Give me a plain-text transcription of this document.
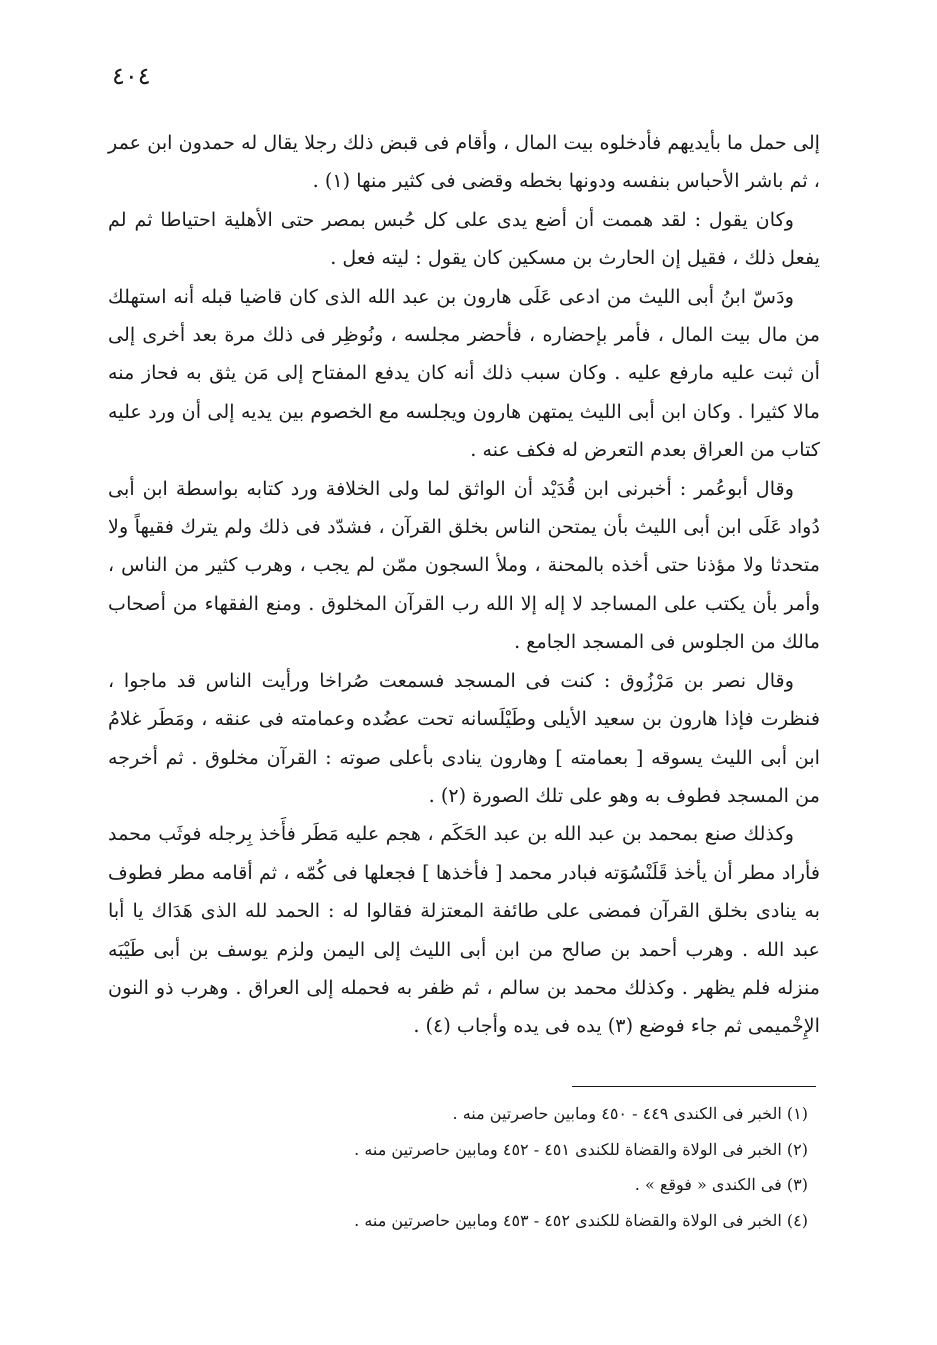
٤٠٤

إلى حمل ما بأيديهم فأدخلوه بيت المال ، وأقام فى قبض ذلك رجلا يقال له حمدون ابن عمر ، ثم باشر الأحباس بنفسه ودونها بخطه وقضى فى كثير منها (١) .

وكان يقول : لقد هممت أن أضع يدى على كل حُبس بمصر حتى الأهلية احتياطا ثم لم يفعل ذلك ، فقيل إن الحارث بن مسكين كان يقول : ليته فعل .

ودَسّ ابنُ أبى الليث من ادعى عَلَى هارون بن عبد الله الذى كان قاضيا قبله أنه استهلك من مال بيت المال ، فأمر بإحضاره ، فأحضر مجلسه ، ونُوظِر فى ذلك مرة بعد أخرى إلى أن ثبت عليه مارفع عليه . وكان سبب ذلك أنه كان يدفع المفتاح إلى مَن يثق به فحاز منه مالا كثيرا . وكان ابن أبى الليث يمتهن هارون ويجلسه مع الخصوم بين يديه إلى أن ورد عليه كتاب من العراق بعدم التعرض له فكف عنه .

وقال أبوعُمر : أخبرنى ابن قُدَيْد أن الواثق لما ولى الخلافة ورد كتابه بواسطة ابن أبى دُواد عَلَى ابن أبى الليث بأن يمتحن الناس بخلق القرآن ، فشدّد فى ذلك ولم يترك فقيهاً ولا متحدثا ولا مؤذنا حتى أخذه بالمحنة ، وملأ السجون ممّن لم يجب ، وهرب كثير من الناس ، وأمر بأن يكتب على المساجد لا إله إلا الله رب القرآن المخلوق . ومنع الفقهاء من أصحاب مالك من الجلوس فى المسجد الجامع .

وقال نصر بن مَرْزُوق : كنت فى المسجد فسمعت صُراخا ورأيت الناس قد ماجوا ، فنظرت فإذا هارون بن سعيد الأيلى وطَيْلَسانه تحت عضُده وعمامته فى عنقه ، ومَطَر غلامُ ابن أبى الليث يسوقه [ بعمامته ] وهارون ينادى بأعلى صوته : القرآن مخلوق . ثم أخرجه من المسجد فطوف به وهو على تلك الصورة (٢) .

وكذلك صنع بمحمد بن عبد الله بن عبد الحَكَم ، هجم عليه مَطَر فأَخذ بِرجله فوثَب محمد فأراد مطر أن يأخذ قَلَنْسُوَته فبادر محمد [ فأخذها ] فجعلها فى كُمّه ، ثم أقامه مطر فطوف به ينادى بخلق القرآن فمضى على طائفة المعتزلة فقالوا له : الحمد لله الذى هَدَاك يا أبا عبد الله . وهرب أحمد بن صالح من ابن أبى الليث إلى اليمن ولزم يوسف بن أبى طَيْبَه منزله فلم يظهر . وكذلك محمد بن سالم ، ثم ظفر به فحمله إلى العراق . وهرب ذو النون الإِخْميمى ثم جاء فوضع (٣) يده فى يده وأجاب (٤) .

(١) الخبر فى الكندى ٤٤٩ - ٤٥٠ ومابين حاصرتين منه .
(٢) الخبر فى الولاة والقضاة للكندى ٤٥١ - ٤٥٢ ومابين حاصرتين منه .
(٣) فى الكندى « فوقع » .
(٤) الخبر فى الولاة والقضاة للكندى ٤٥٢ - ٤٥٣ ومابين حاصرتين منه .
